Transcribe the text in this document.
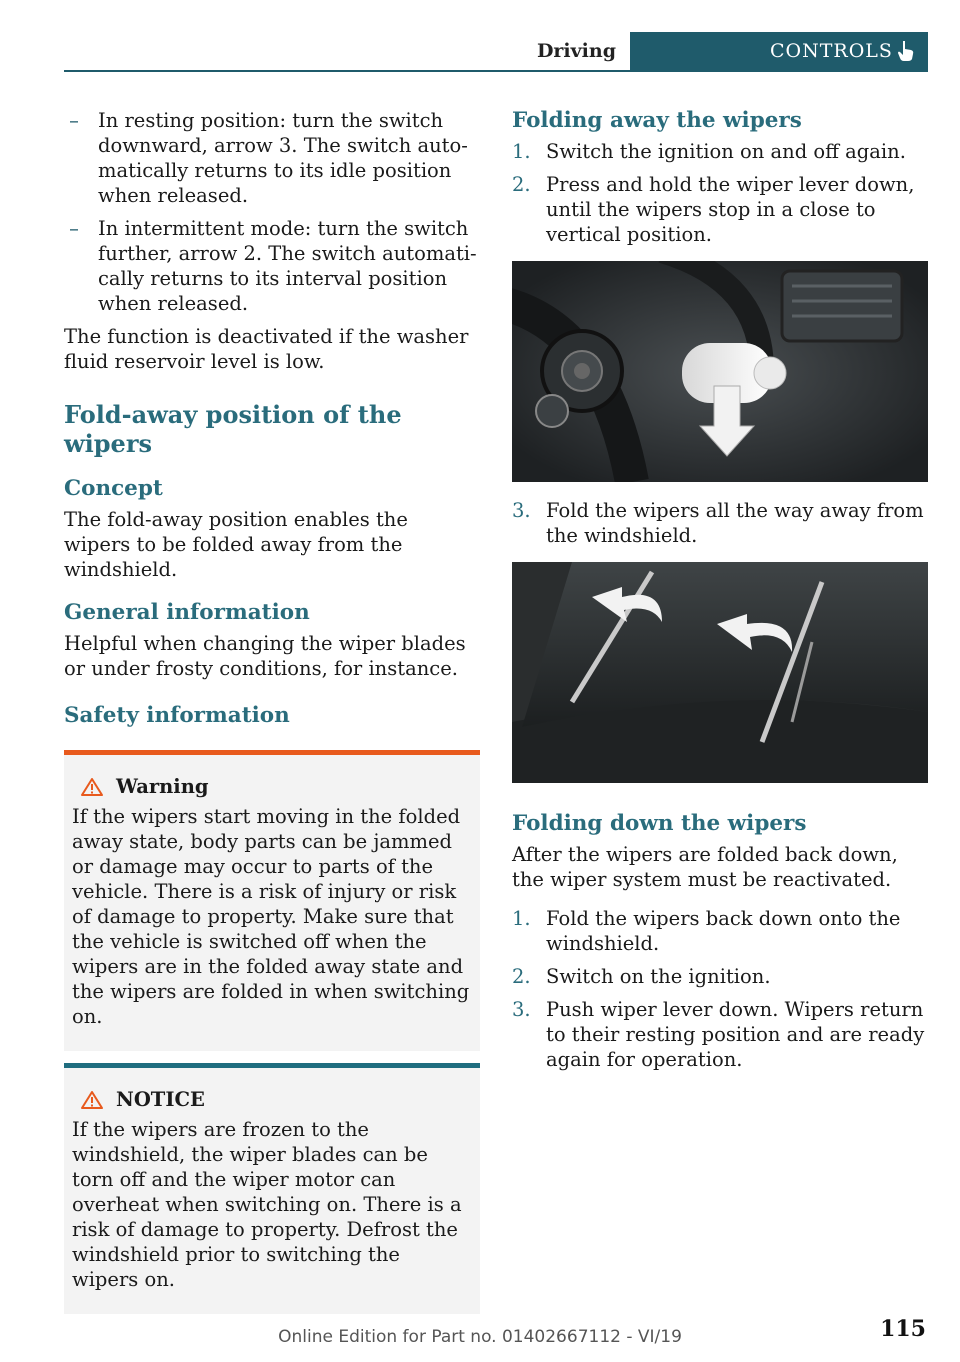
Driving	CONTROLS
– In resting position: turn the switch downward, arrow 3. The switch automatically returns to its idle position when released.
– In intermittent mode: turn the switch further, arrow 2. The switch automatically returns to its interval position when released.

The function is deactivated if the washer fluid reservoir level is low.

Fold-away position of the wipers
Concept

The fold-away position enables the wipers to be folded away from the windshield.

General information

Helpful when changing the wiper blades or under frosty conditions, for instance.

Safety information
Warning

If the wipers start moving in the folded away state, body parts can be jammed or damage may occur to parts of the vehicle. There is a risk of injury or risk of damage to property. Make sure that the vehicle is switched off when the wipers are in the folded away state and the wipers are folded in when switching on.

NOTICE

If the wipers are frozen to the windshield, the wiper blades can be torn off and the wiper motor can overheat when switching on. There is a risk of damage to property. Defrost the windshield prior to switching the wipers on.

Folding away the wipers
1. Switch the ignition on and off again.
2. Press and hold the wiper lever down, until the wipers stop in a close to vertical position.
3. Fold the wipers all the way away from the windshield.
Folding down the wipers

After the wipers are folded back down, the wiper system must be reactivated.

1. Fold the wipers back down onto the windshield.
2. Switch on the ignition.
3. Push wiper lever down. Wipers return to their resting position and are ready again for operation.
115
Online Edition for Part no. 01402667112 - VI/19
